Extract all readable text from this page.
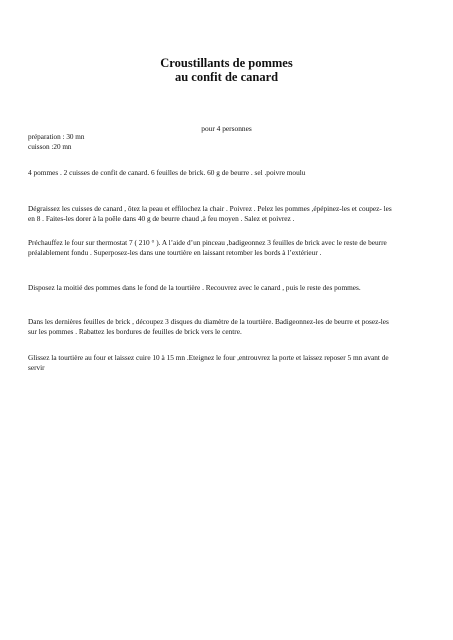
Croustillants de pommes
au confit de canard
pour 4 personnes
préparation : 30 mn
cuisson :20 mn

4 pommes . 2 cuisses de confit de canard. 6 feuilles de brick. 60 g de beurre . sel .poivre moulu

Dégraissez les cuisses de canard , ôtez la peau et effilochez la chair . Poivrez . Pelez les pommes ,épépinez-les et coupez- les en 8 . Faites-les dorer à la poêle dans 40 g de beurre chaud ,à feu moyen . Salez et poivrez .

Préchauffez le four sur thermostat 7 ( 210 ° ). A l’aide d’un pinceau ,badigeonnez 3 feuilles de brick avec le reste de beurre préalablement fondu . Superposez-les dans une tourtière en laissant retomber les bords à l’extérieur .

Disposez la moitié des pommes dans le fond de la tourtière . Recouvrez avec le canard , puis le reste des pommes.

Dans les dernières feuilles de brick , découpez 3 disques du diamètre de la tourtière. Badigeonnez-les de beurre et posez-les sur les pommes . Rabattez les bordures de feuilles de brick vers le centre.

Glissez la tourtière au four et laissez cuire 10 à 15 mn .Eteignez le four ,entrouvrez la porte et laissez reposer 5 mn avant de servir
